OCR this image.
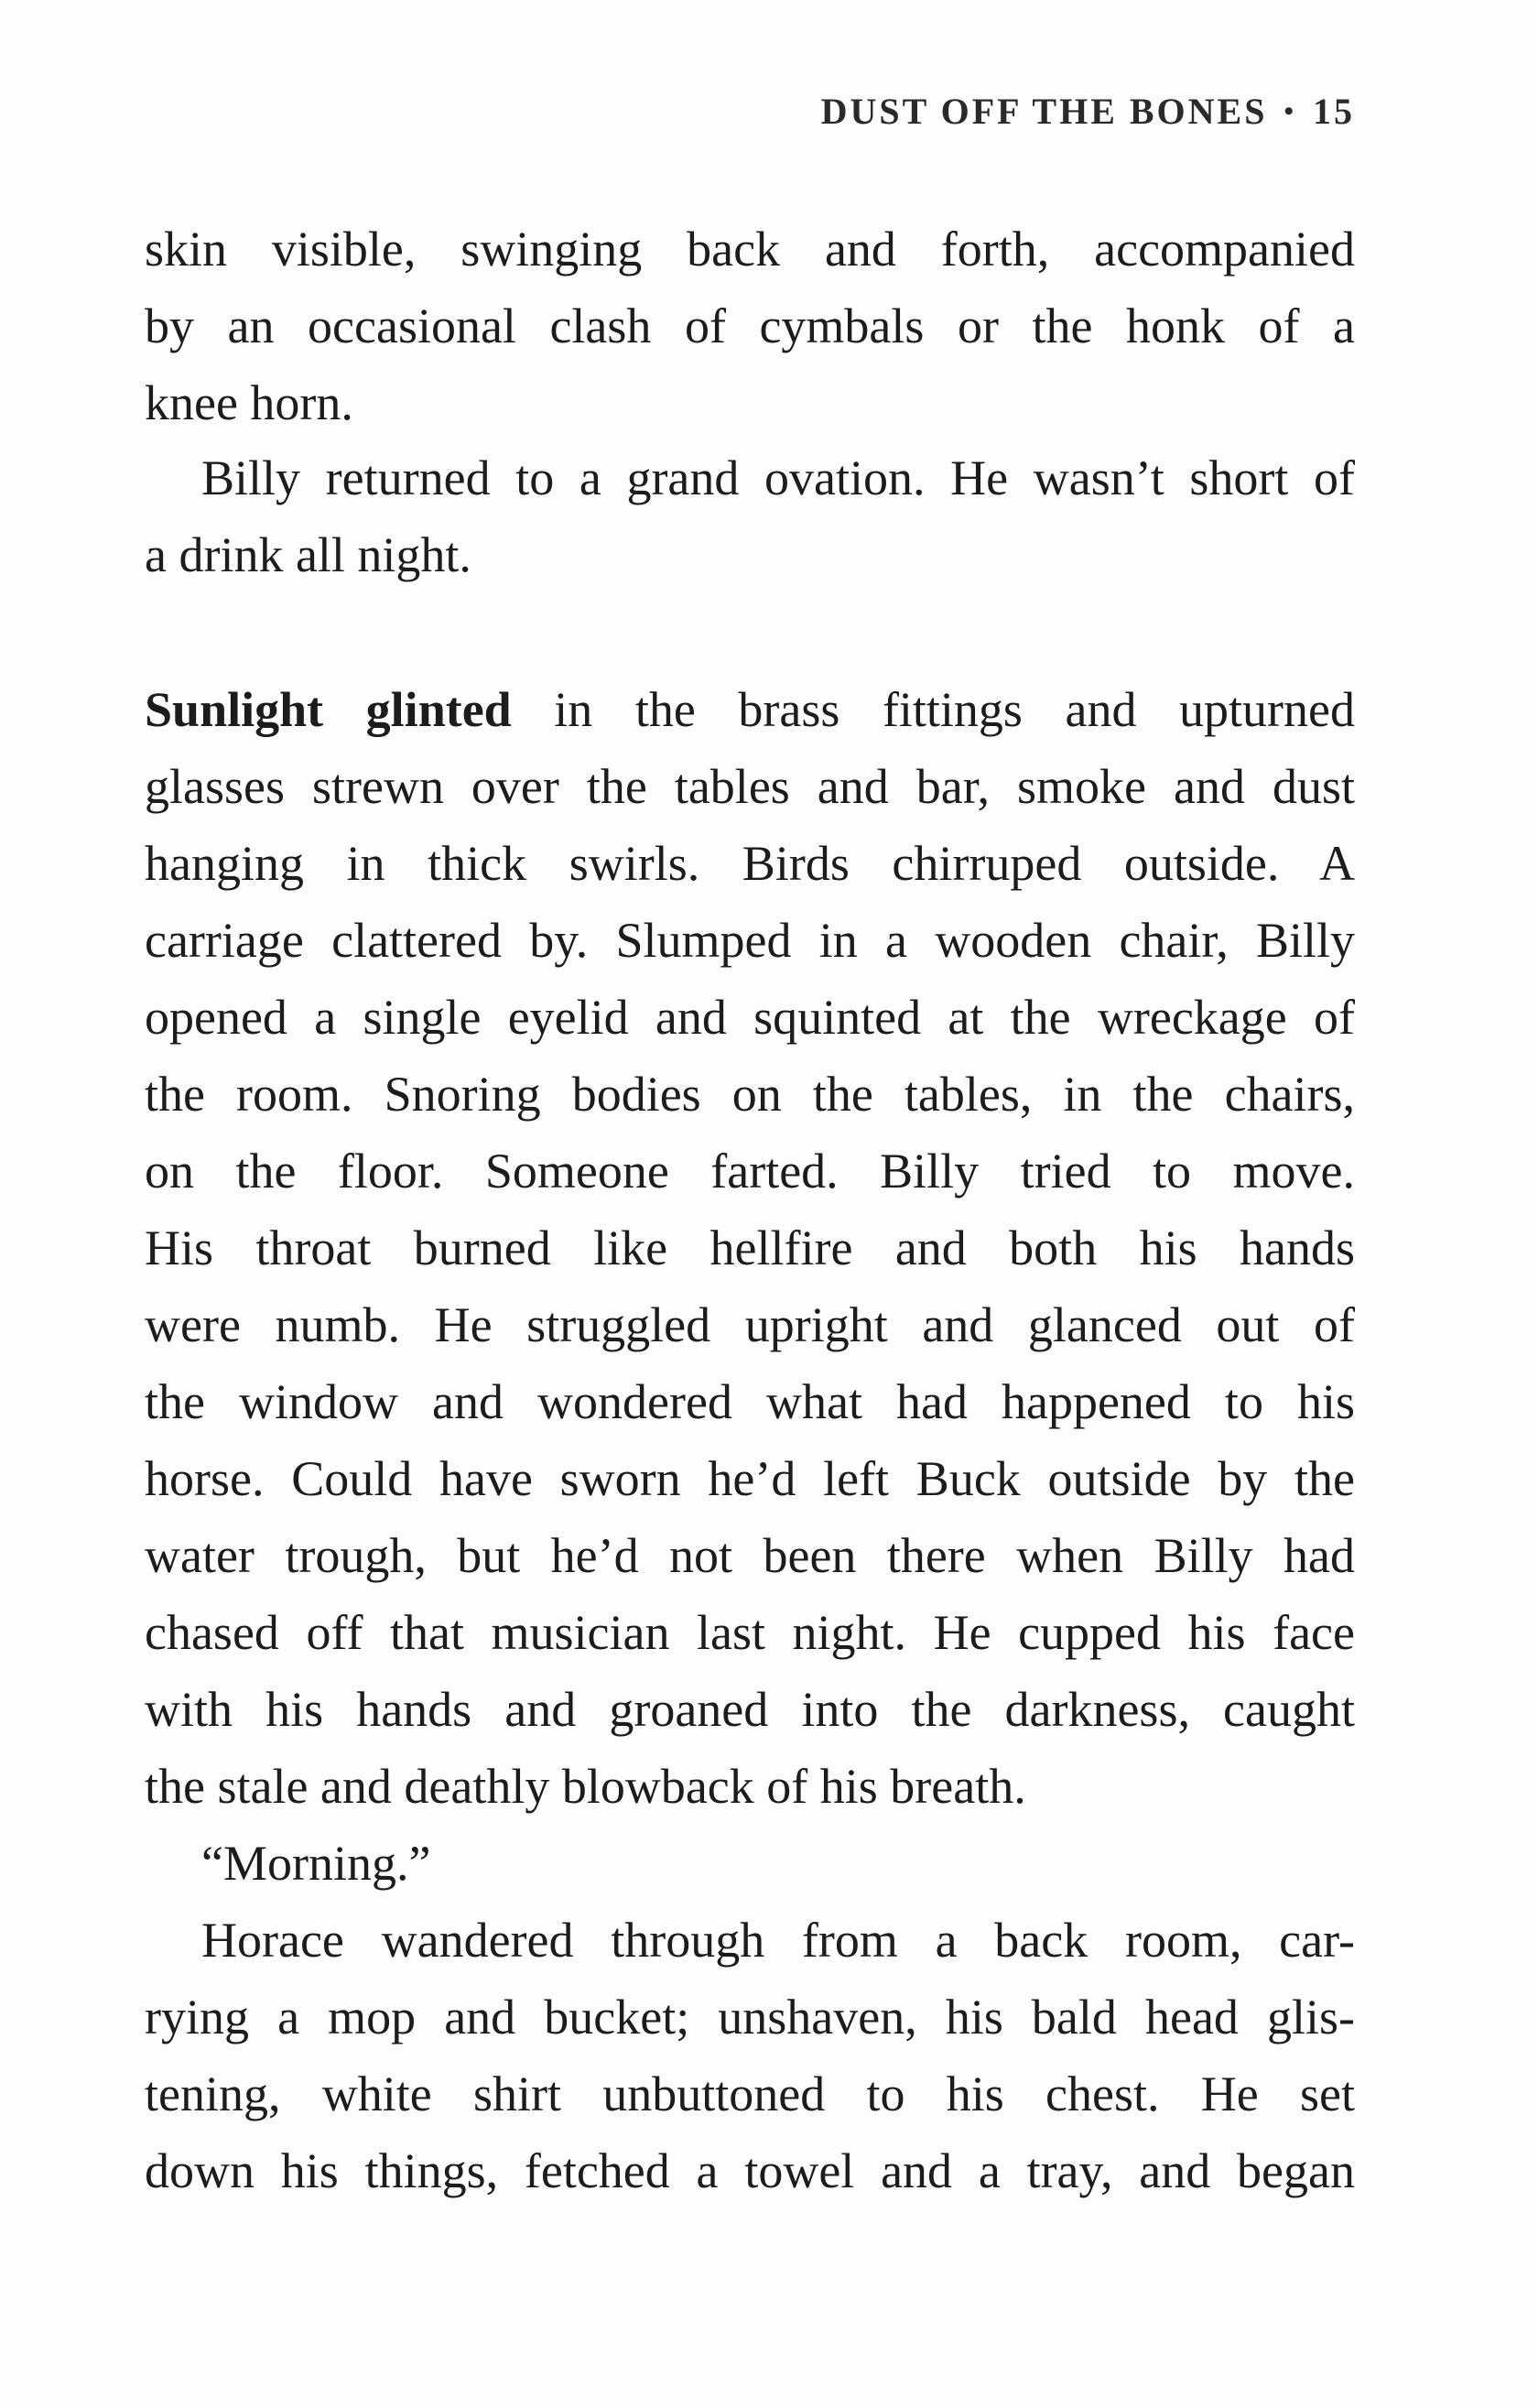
DUST OFF THE BONES • 15
skin visible, swinging back and forth, accompanied
by an occasional clash of cymbals or the honk of a
knee horn.
Billy returned to a grand ovation. He wasn’t short of
a drink all night.
Sunlight glinted in the brass fittings and upturned
glasses strewn over the tables and bar, smoke and dust
hanging in thick swirls. Birds chirruped outside. A
carriage clattered by. Slumped in a wooden chair, Billy
opened a single eyelid and squinted at the wreckage of
the room. Snoring bodies on the tables, in the chairs,
on the floor. Someone farted. Billy tried to move.
His throat burned like hellfire and both his hands
were numb. He struggled upright and glanced out of
the window and wondered what had happened to his
horse. Could have sworn he’d left Buck outside by the
water trough, but he’d not been there when Billy had
chased off that musician last night. He cupped his face
with his hands and groaned into the darkness, caught
the stale and deathly blowback of his breath.
“Morning.”
Horace wandered through from a back room, car-
rying a mop and bucket; unshaven, his bald head glis-
tening, white shirt unbuttoned to his chest. He set
down his things, fetched a towel and a tray, and began
